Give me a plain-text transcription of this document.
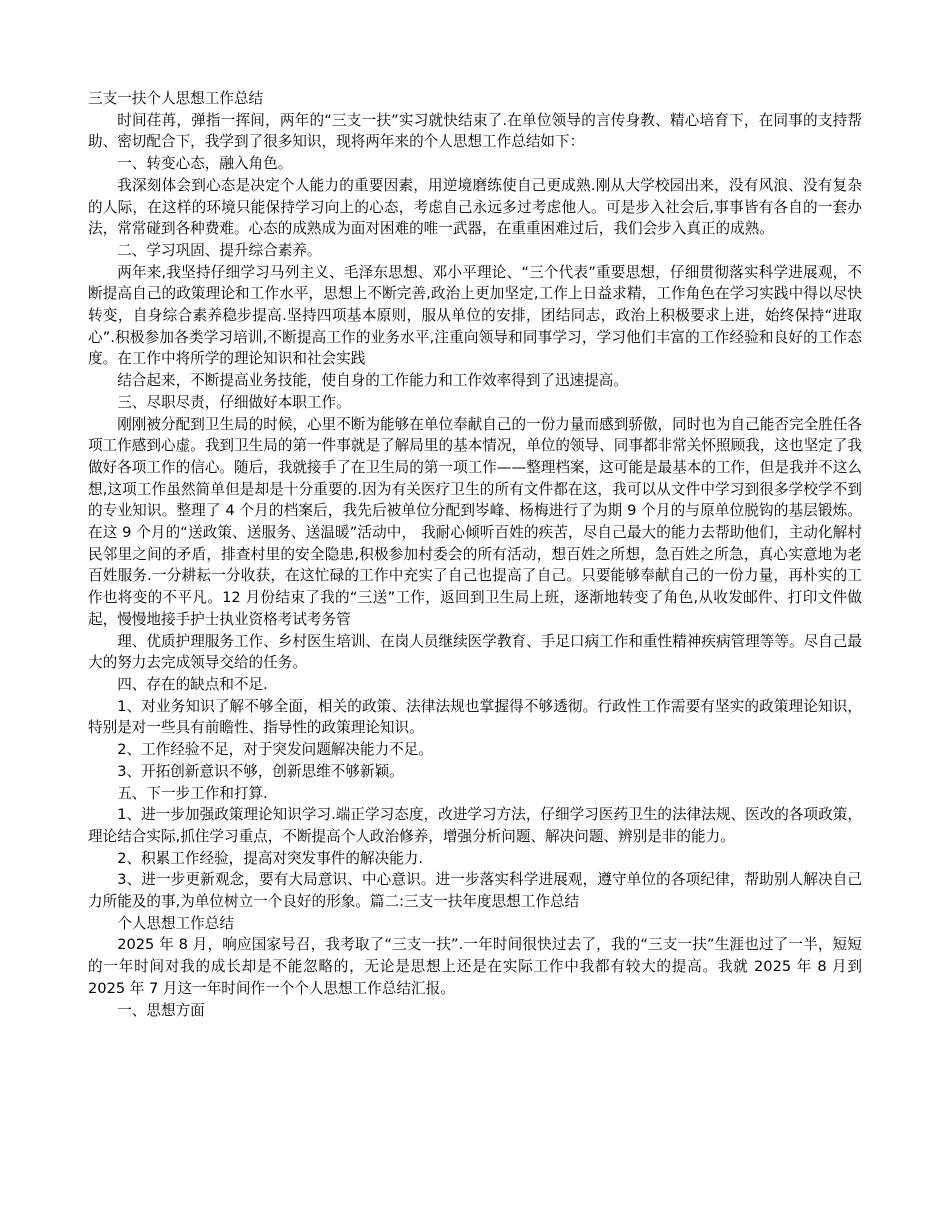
三支一扶个人思想工作总结

时间荏苒，弹指一挥间，两年的“三支一扶”实习就快结束了.在单位领导的言传身教、精心培育下，在同事的支持帮助、密切配合下，我学到了很多知识，现将两年来的个人思想工作总结如下：

一、转变心态，融入角色。

我深刻体会到心态是决定个人能力的重要因素，用逆境磨练使自己更成熟.刚从大学校园出来，没有风浪、没有复杂的人际，在这样的环境只能保持学习向上的心态，考虑自己永远多过考虑他人。可是步入社会后,事事皆有各自的一套办法，常常碰到各种费难。心态的成熟成为面对困难的唯一武器，在重重困难过后，我们会步入真正的成熟。

二、学习巩固、提升综合素养。

两年来,我坚持仔细学习马列主义、毛泽东思想、邓小平理论、“三个代表”重要思想，仔细贯彻落实科学进展观，不断提高自己的政策理论和工作水平，思想上不断完善,政治上更加坚定,工作上日益求精，工作角色在学习实践中得以尽快转变，自身综合素养稳步提高.坚持四项基本原则，服从单位的安排，团结同志，政治上积极要求上进，始终保持“进取心”.积极参加各类学习培训,不断提高工作的业务水平,注重向领导和同事学习，学习他们丰富的工作经验和良好的工作态度。在工作中将所学的理论知识和社会实践

结合起来，不断提高业务技能，使自身的工作能力和工作效率得到了迅速提高。

三、尽职尽责，仔细做好本职工作。

刚刚被分配到卫生局的时候，心里不断为能够在单位奉献自己的一份力量而感到骄傲，同时也为自己能否完全胜任各项工作感到心虚。我到卫生局的第一件事就是了解局里的基本情况，单位的领导、同事都非常关怀照顾我，这也坚定了我做好各项工作的信心。随后，我就接手了在卫生局的第一项工作——整理档案，这可能是最基本的工作，但是我并不这么想,这项工作虽然简单但是却是十分重要的.因为有关医疗卫生的所有文件都在这，我可以从文件中学习到很多学校学不到的专业知识。整理了 4 个月的档案后，我先后被单位分配到岑峰、杨梅进行了为期 9 个月的与原单位脱钩的基层锻炼。在这 9 个月的“送政策、送服务、送温暖”活动中， 我耐心倾听百姓的疾苦，尽自己最大的能力去帮助他们，主动化解村民邻里之间的矛盾，排查村里的安全隐患,积极参加村委会的所有活动，想百姓之所想，急百姓之所急，真心实意地为老百姓服务.一分耕耘一分收获，在这忙碌的工作中充实了自己也提高了自己。只要能够奉献自己的一份力量，再朴实的工作也将变的不平凡。12 月份结束了我的“三送”工作，返回到卫生局上班，逐渐地转变了角色,从收发邮件、打印文件做起，慢慢地接手护士执业资格考试考务管

理、优质护理服务工作、乡村医生培训、在岗人员继续医学教育、手足口病工作和重性精神疾病管理等等。尽自己最大的努力去完成领导交给的任务。

四、存在的缺点和不足.

1、对业务知识了解不够全面，相关的政策、法律法规也掌握得不够透彻。行政性工作需要有坚实的政策理论知识，特别是对一些具有前瞻性、指导性的政策理论知识。

2、工作经验不足，对于突发问题解决能力不足。

3、开拓创新意识不够，创新思维不够新颖。

五、下一步工作和打算.

1、进一步加强政策理论知识学习.端正学习态度，改进学习方法，仔细学习医药卫生的法律法规、医改的各项政策，理论结合实际,抓住学习重点，不断提高个人政治修养，增强分析问题、解决问题、辨别是非的能力。

2、积累工作经验，提高对突发事件的解决能力.

3、进一步更新观念，要有大局意识、中心意识。进一步落实科学进展观，遵守单位的各项纪律，帮助别人解决自己力所能及的事,为单位树立一个良好的形象。篇二:三支一扶年度思想工作总结

个人思想工作总结

2025 年 8 月，响应国家号召，我考取了“三支一扶”.一年时间很快过去了，我的“三支一扶”生涯也过了一半，短短的一年时间对我的成长却是不能忽略的，无论是思想上还是在实际工作中我都有较大的提高。我就 2025 年 8 月到 2025 年 7 月这一年时间作一个个人思想工作总结汇报。

一、思想方面
